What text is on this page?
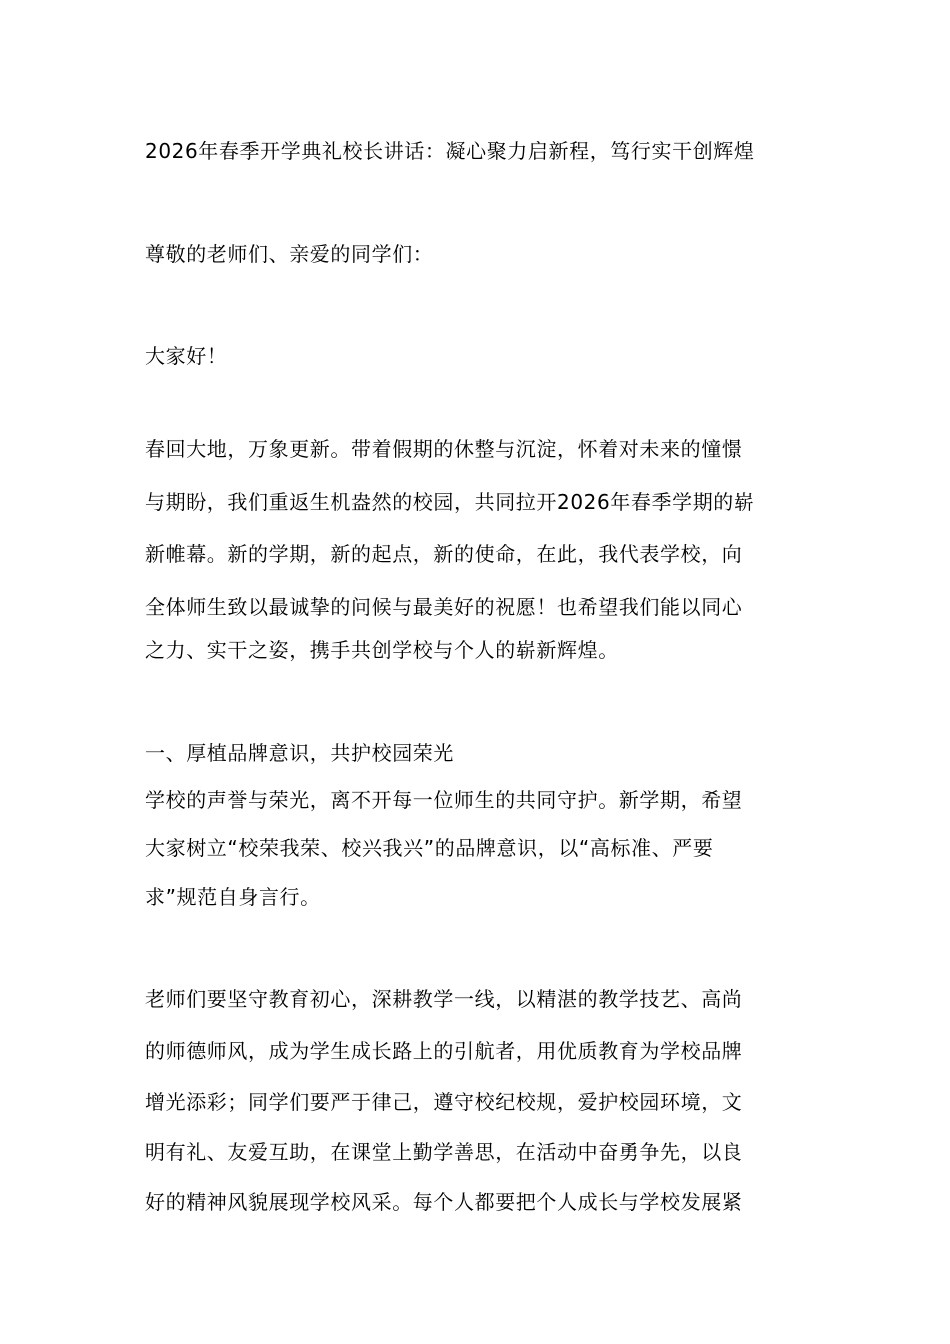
2026年春季开学典礼校长讲话：凝心聚力启新程，笃行实干创辉煌
尊敬的老师们、亲爱的同学们：
大家好！
春回大地，万象更新。带着假期的休整与沉淀，怀着对未来的憧憬
与期盼，我们重返生机盎然的校园，共同拉开2026年春季学期的崭
新帷幕。新的学期，新的起点，新的使命，在此，我代表学校，向
全体师生致以最诚挚的问候与最美好的祝愿！也希望我们能以同心
之力、实干之姿，携手共创学校与个人的崭新辉煌。
一、厚植品牌意识，共护校园荣光
学校的声誉与荣光，离不开每一位师生的共同守护。新学期，希望
大家树立“校荣我荣、校兴我兴”的品牌意识，以“高标准、严要
求”规范自身言行。
老师们要坚守教育初心，深耕教学一线，以精湛的教学技艺、高尚
的师德师风，成为学生成长路上的引航者，用优质教育为学校品牌
增光添彩；同学们要严于律己，遵守校纪校规，爱护校园环境，文
明有礼、友爱互助，在课堂上勤学善思，在活动中奋勇争先，以良
好的精神风貌展现学校风采。每个人都要把个人成长与学校发展紧
